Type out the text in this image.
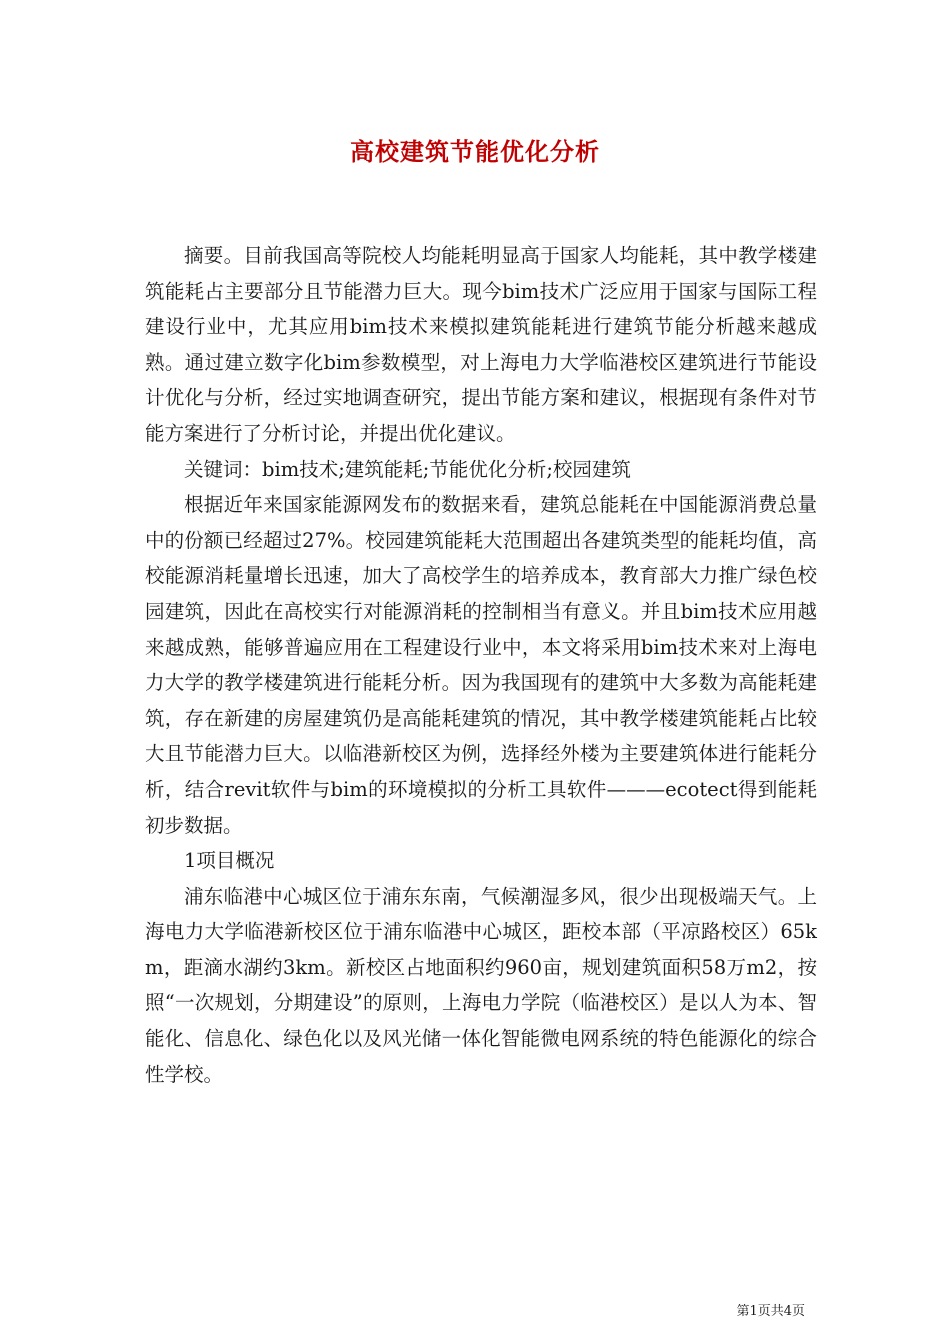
高校建筑节能优化分析

摘要。目前我国高等院校人均能耗明显高于国家人均能耗，其中教学楼建筑能耗占主要部分且节能潜力巨大。现今bim技术广泛应用于国家与国际工程建设行业中，尤其应用bim技术来模拟建筑能耗进行建筑节能分析越来越成熟。通过建立数字化bim参数模型，对上海电力大学临港校区建筑进行节能设计优化与分析，经过实地调查研究，提出节能方案和建议，根据现有条件对节能方案进行了分析讨论，并提出优化建议。

关键词：bim技术;建筑能耗;节能优化分析;校园建筑

根据近年来国家能源网发布的数据来看，建筑总能耗在中国能源消费总量中的份额已经超过27%。校园建筑能耗大范围超出各建筑类型的能耗均值，高校能源消耗量增长迅速，加大了高校学生的培养成本，教育部大力推广绿色校园建筑，因此在高校实行对能源消耗的控制相当有意义。并且bim技术应用越来越成熟，能够普遍应用在工程建设行业中，本文将采用bim技术来对上海电力大学的教学楼建筑进行能耗分析。因为我国现有的建筑中大多数为高能耗建筑，存在新建的房屋建筑仍是高能耗建筑的情况，其中教学楼建筑能耗占比较大且节能潜力巨大。以临港新校区为例，选择经外楼为主要建筑体进行能耗分析，结合revit软件与bim的环境模拟的分析工具软件———ecotect得到能耗初步数据。

1项目概况

浦东临港中心城区位于浦东东南，气候潮湿多风，很少出现极端天气。上海电力大学临港新校区位于浦东临港中心城区，距校本部（平凉路校区）65km，距滴水湖约3km。新校区占地面积约960亩，规划建筑面积58万m2，按照“一次规划，分期建设”的原则，上海电力学院（临港校区）是以人为本、智能化、信息化、绿色化以及风光储一体化智能微电网系统的特色能源化的综合性学校。

第1页共4页
